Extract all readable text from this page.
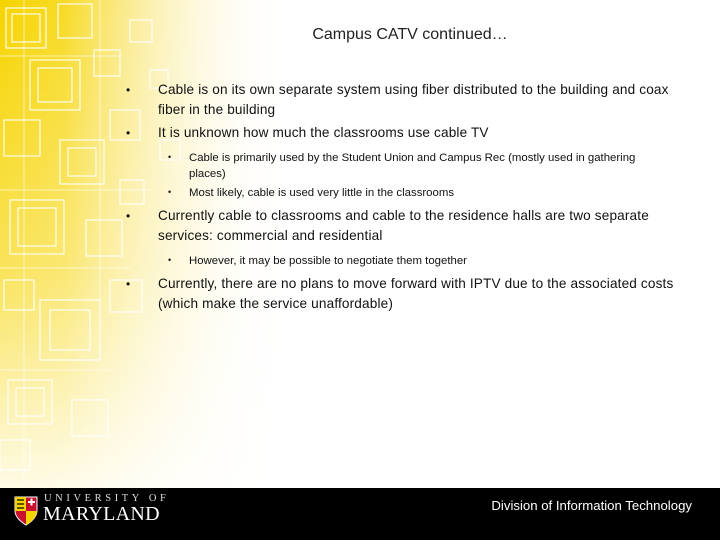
Campus CATV continued…
• Cable is on its own separate system using fiber distributed to the building and coax fiber in the building
• It is unknown how much the classrooms use cable TV
• Cable is primarily used by the Student Union and Campus Rec (mostly used in gathering places)
• Most likely, cable is used very little in the classrooms
• Currently cable to classrooms and cable to the residence halls are two separate services: commercial and residential
• However, it may be possible to negotiate them together
• Currently, there are no plans to move forward with IPTV due to the associated costs (which make the service unaffordable)
UNIVERSITY OF
MARYLAND	Division of Information Technology
